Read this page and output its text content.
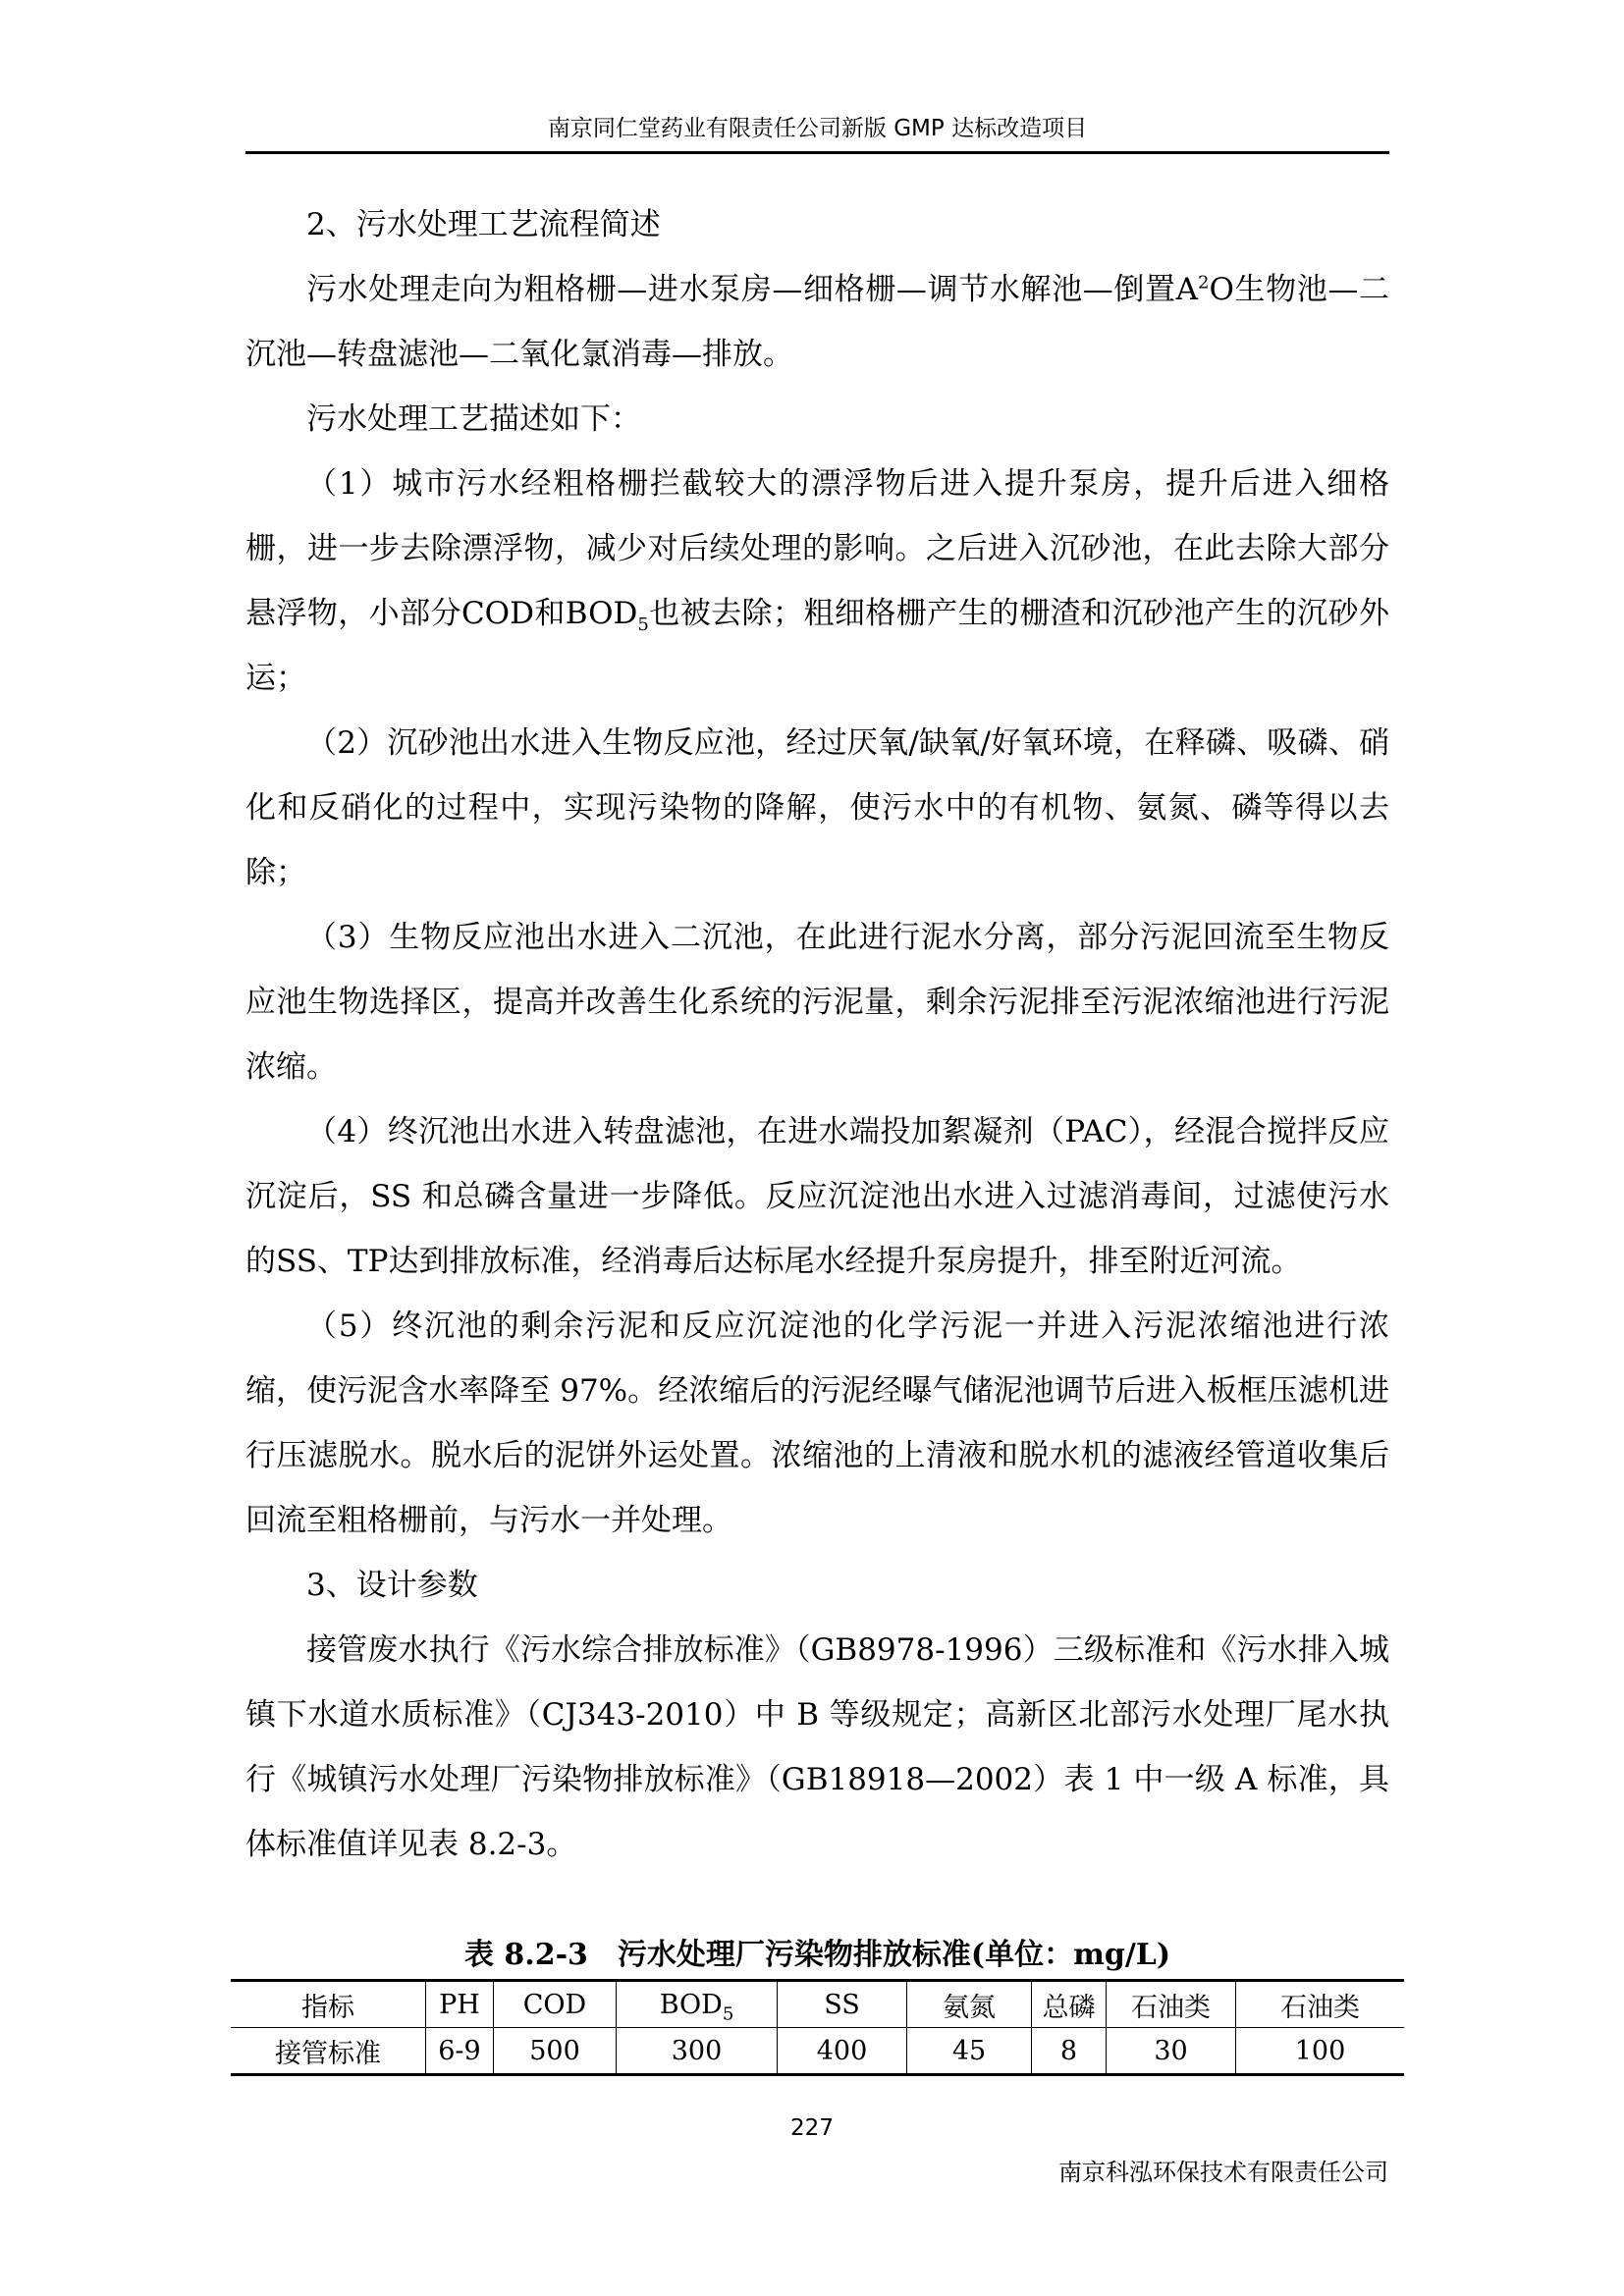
南京同仁堂药业有限责任公司新版 GMP 达标改造项目

2、污水处理工艺流程简述

污水处理走向为粗格栅—进水泵房—细格栅—调节水解池—倒置$A^2O$生物池—二沉池—转盘滤池—二氧化氯消毒—排放。

污水处理工艺描述如下：

（1）城市污水经粗格栅拦截较大的漂浮物后进入提升泵房，提升后进入细格栅，进一步去除漂浮物，减少对后续处理的影响。之后进入沉砂池，在此去除大部分悬浮物，小部分COD和$BOD_5$也被去除；粗细格栅产生的栅渣和沉砂池产生的沉砂外运；

（2）沉砂池出水进入生物反应池，经过厌氧/缺氧/好氧环境，在释磷、吸磷、硝化和反硝化的过程中，实现污染物的降解，使污水中的有机物、氨氮、磷等得以去除；

（3）生物反应池出水进入二沉池，在此进行泥水分离，部分污泥回流至生物反应池生物选择区，提高并改善生化系统的污泥量，剩余污泥排至污泥浓缩池进行污泥浓缩。

（4）终沉池出水进入转盘滤池，在进水端投加絮凝剂（PAC），经混合搅拌反应沉淀后，SS 和总磷含量进一步降低。反应沉淀池出水进入过滤消毒间，过滤使污水的SS、TP达到排放标准，经消毒后达标尾水经提升泵房提升，排至附近河流。

（5）终沉池的剩余污泥和反应沉淀池的化学污泥一并进入污泥浓缩池进行浓缩，使污泥含水率降至 97%。经浓缩后的污泥经曝气储泥池调节后进入板框压滤机进行压滤脱水。脱水后的泥饼外运处置。浓缩池的上清液和脱水机的滤液经管道收集后回流至粗格栅前，与污水一并处理。

3、设计参数

接管废水执行《污水综合排放标准》（GB8978-1996）三级标准和《污水排入城镇下水道水质标准》（CJ343-2010）中 B 等级规定；高新区北部污水处理厂尾水执行《城镇污水处理厂污染物排放标准》（GB18918—2002）表 1 中一级 A 标准，具体标准值详见表 8.2-3。

表 8.2-3　污水处理厂污染物排放标准(单位：mg/L)
指标	PH	COD	$BOD_5$	SS	氨氮	总磷	石油类	石油类
接管标准	6-9	500	300	400	45	8	30	100
227
南京科泓环保技术有限责任公司
